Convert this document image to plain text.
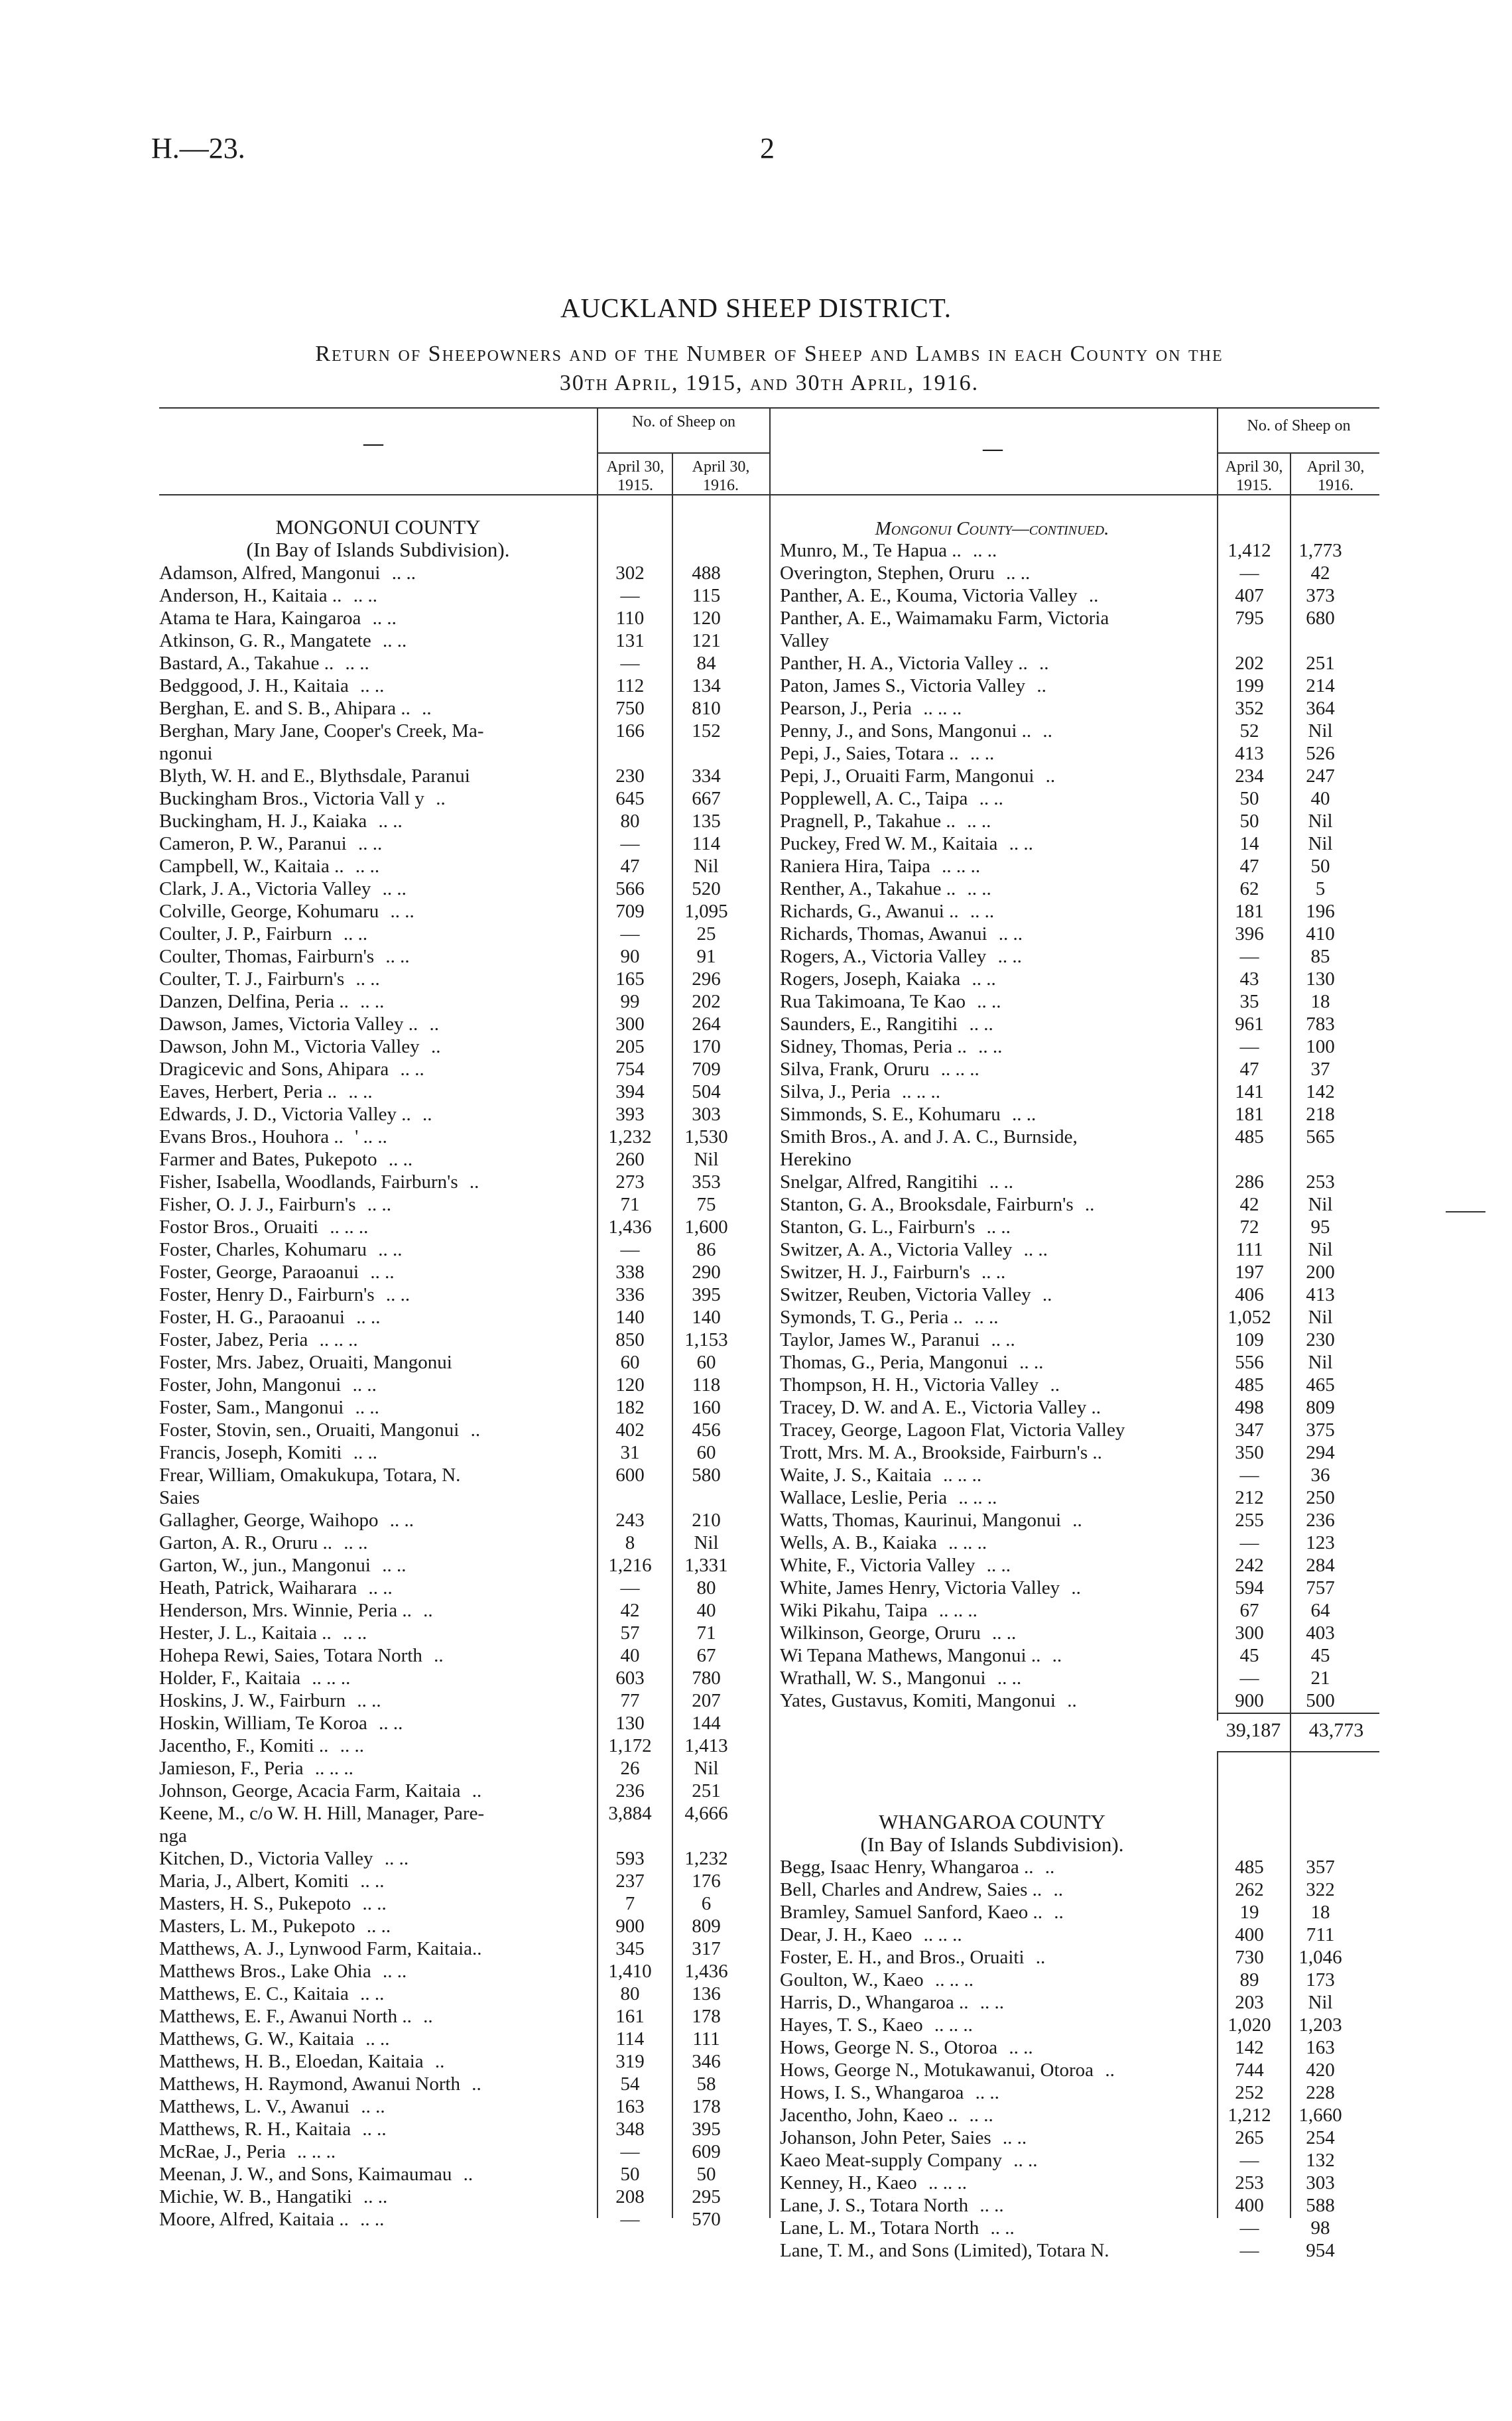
H.—23.	2
AUCKLAND SHEEP DISTRICT.
Return of Sheepowners and of the Number of Sheep and Lambs in each County on the
30th April, 1915, and 30th April, 1916.
—	—
No. of Sheep on
April 30, 1915.
April 30, 1916.
No. of Sheep on
April 30, 1915.
April 30, 1916.
MONGONUI COUNTY
(In Bay of Islands Subdivision).
Adamson, Alfred, Mangonui .. ..	302	488
Anderson, H., Kaitaia .. .. ..	—	115
Atama te Hara, Kaingaroa .. ..	110	120
Atkinson, G. R., Mangatete .. ..	131	121
Bastard, A., Takahue .. .. ..	—	84
Bedggood, J. H., Kaitaia .. ..	112	134
Berghan, E. and S. B., Ahipara .. ..	750	810
Berghan, Mary Jane, Cooper's Creek, Ma-	166	152
ngonui
Blyth, W. H. and E., Blythsdale, Paranui	230	334
Buckingham Bros., Victoria Vall y ..	645	667
Buckingham, H. J., Kaiaka .. ..	80	135
Cameron, P. W., Paranui .. ..	—	114
Campbell, W., Kaitaia .. .. ..	47	Nil
Clark, J. A., Victoria Valley .. ..	566	520
Colville, George, Kohumaru .. ..	709	1,095
Coulter, J. P., Fairburn .. ..	—	25
Coulter, Thomas, Fairburn's .. ..	90	91
Coulter, T. J., Fairburn's .. ..	165	296
Danzen, Delfina, Peria .. .. ..	99	202
Dawson, James, Victoria Valley .. ..	300	264
Dawson, John M., Victoria Valley ..	205	170
Dragicevic and Sons, Ahipara .. ..	754	709
Eaves, Herbert, Peria .. .. ..	394	504
Edwards, J. D., Victoria Valley .. ..	393	303
Evans Bros., Houhora .. ' .. ..	1,232	1,530
Farmer and Bates, Pukepoto .. ..	260	Nil
Fisher, Isabella, Woodlands, Fairburn's ..	273	353
Fisher, O. J. J., Fairburn's .. ..	71	75
Fostor Bros., Oruaiti .. .. ..	1,436	1,600
Foster, Charles, Kohumaru .. ..	—	86
Foster, George, Paraoanui .. ..	338	290
Foster, Henry D., Fairburn's .. ..	336	395
Foster, H. G., Paraoanui .. ..	140	140
Foster, Jabez, Peria .. .. ..	850	1,153
Foster, Mrs. Jabez, Oruaiti, Mangonui	60	60
Foster, John, Mangonui .. ..	120	118
Foster, Sam., Mangonui .. ..	182	160
Foster, Stovin, sen., Oruaiti, Mangonui ..	402	456
Francis, Joseph, Komiti .. ..	31	60
Frear, William, Omakukupa, Totara, N.	600	580
Saies
Gallagher, George, Waihopo .. ..	243	210
Garton, A. R., Oruru .. .. ..	8	Nil
Garton, W., jun., Mangonui .. ..	1,216	1,331
Heath, Patrick, Waiharara .. ..	—	80
Henderson, Mrs. Winnie, Peria .. ..	42	40
Hester, J. L., Kaitaia .. .. ..	57	71
Hohepa Rewi, Saies, Totara North ..	40	67
Holder, F., Kaitaia .. .. ..	603	780
Hoskins, J. W., Fairburn .. ..	77	207
Hoskin, William, Te Koroa .. ..	130	144
Jacentho, F., Komiti .. .. ..	1,172	1,413
Jamieson, F., Peria .. .. ..	26	Nil
Johnson, George, Acacia Farm, Kaitaia ..	236	251
Keene, M., c/o W. H. Hill, Manager, Pare-	3,884	4,666
nga
Kitchen, D., Victoria Valley .. ..	593	1,232
Maria, J., Albert, Komiti .. ..	237	176
Masters, H. S., Pukepoto .. ..	7	6
Masters, L. M., Pukepoto .. ..	900	809
Matthews, A. J., Lynwood Farm, Kaitaia..	345	317
Matthews Bros., Lake Ohia .. ..	1,410	1,436
Matthews, E. C., Kaitaia .. ..	80	136
Matthews, E. F., Awanui North .. ..	161	178
Matthews, G. W., Kaitaia .. ..	114	111
Matthews, H. B., Eloedan, Kaitaia ..	319	346
Matthews, H. Raymond, Awanui North ..	54	58
Matthews, L. V., Awanui .. ..	163	178
Matthews, R. H., Kaitaia .. ..	348	395
McRae, J., Peria .. .. ..	—	609
Meenan, J. W., and Sons, Kaimaumau ..	50	50
Michie, W. B., Hangatiki .. ..	208	295
Moore, Alfred, Kaitaia .. .. ..	—	570
Mongonui County—continued.
Munro, M., Te Hapua .. .. ..	1,412	1,773
Overington, Stephen, Oruru .. ..	—	42
Panther, A. E., Kouma, Victoria Valley ..	407	373
Panther, A. E., Waimamaku Farm, Victoria	795	680
Valley
Panther, H. A., Victoria Valley .. ..	202	251
Paton, James S., Victoria Valley ..	199	214
Pearson, J., Peria .. .. ..	352	364
Penny, J., and Sons, Mangonui .. ..	52	Nil
Pepi, J., Saies, Totara .. .. ..	413	526
Pepi, J., Oruaiti Farm, Mangonui ..	234	247
Popplewell, A. C., Taipa .. ..	50	40
Pragnell, P., Takahue .. .. ..	50	Nil
Puckey, Fred W. M., Kaitaia .. ..	14	Nil
Raniera Hira, Taipa .. .. ..	47	50
Renther, A., Takahue .. .. ..	62	5
Richards, G., Awanui .. .. ..	181	196
Richards, Thomas, Awanui .. ..	396	410
Rogers, A., Victoria Valley .. ..	—	85
Rogers, Joseph, Kaiaka .. ..	43	130
Rua Takimoana, Te Kao .. ..	35	18
Saunders, E., Rangitihi .. ..	961	783
Sidney, Thomas, Peria .. .. ..	—	100
Silva, Frank, Oruru .. .. ..	47	37
Silva, J., Peria .. .. ..	141	142
Simmonds, S. E., Kohumaru .. ..	181	218
Smith Bros., A. and J. A. C., Burnside,	485	565
Herekino
Snelgar, Alfred, Rangitihi .. ..	286	253
Stanton, G. A., Brooksdale, Fairburn's ..	42	Nil
Stanton, G. L., Fairburn's .. ..	72	95
Switzer, A. A., Victoria Valley .. ..	111	Nil
Switzer, H. J., Fairburn's .. ..	197	200
Switzer, Reuben, Victoria Valley ..	406	413
Symonds, T. G., Peria .. .. ..	1,052	Nil
Taylor, James W., Paranui .. ..	109	230
Thomas, G., Peria, Mangonui .. ..	556	Nil
Thompson, H. H., Victoria Valley ..	485	465
Tracey, D. W. and A. E., Victoria Valley ..	498	809
Tracey, George, Lagoon Flat, Victoria Valley	347	375
Trott, Mrs. M. A., Brookside, Fairburn's ..	350	294
Waite, J. S., Kaitaia .. .. ..	—	36
Wallace, Leslie, Peria .. .. ..	212	250
Watts, Thomas, Kaurinui, Mangonui ..	255	236
Wells, A. B., Kaiaka .. .. ..	—	123
White, F., Victoria Valley .. ..	242	284
White, James Henry, Victoria Valley ..	594	757
Wiki Pikahu, Taipa .. .. ..	67	64
Wilkinson, George, Oruru .. ..	300	403
Wi Tepana Mathews, Mangonui .. ..	45	45
Wrathall, W. S., Mangonui .. ..	—	21
Yates, Gustavus, Komiti, Mangonui ..	900	500
39,187	43,773
WHANGAROA COUNTY
(In Bay of Islands Subdivision).
Begg, Isaac Henry, Whangaroa .. ..	485	357
Bell, Charles and Andrew, Saies .. ..	262	322
Bramley, Samuel Sanford, Kaeo .. ..	19	18
Dear, J. H., Kaeo .. .. ..	400	711
Foster, E. H., and Bros., Oruaiti ..	730	1,046
Goulton, W., Kaeo .. .. ..	89	173
Harris, D., Whangaroa .. .. ..	203	Nil
Hayes, T. S., Kaeo .. .. ..	1,020	1,203
Hows, George N. S., Otoroa .. ..	142	163
Hows, George N., Motukawanui, Otoroa ..	744	420
Hows, I. S., Whangaroa .. ..	252	228
Jacentho, John, Kaeo .. .. ..	1,212	1,660
Johanson, John Peter, Saies .. ..	265	254
Kaeo Meat-supply Company .. ..	—	132
Kenney, H., Kaeo .. .. ..	253	303
Lane, J. S., Totara North .. ..	400	588
Lane, L. M., Totara North .. ..	—	98
Lane, T. M., and Sons (Limited), Totara N.	—	954
